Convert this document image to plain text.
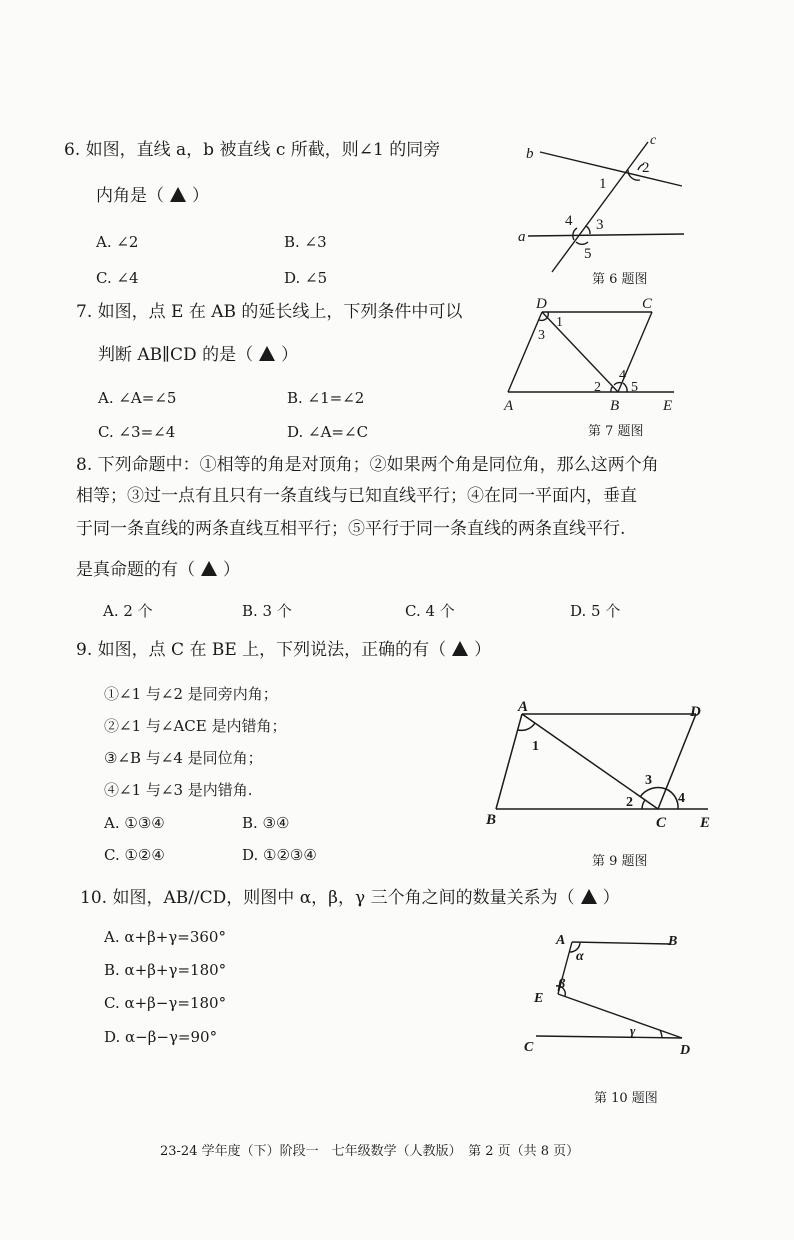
6. 如图，直线 a，b 被直线 c 所截，则∠1 的同旁
内角是（ ）
A. ∠2	B. ∠3
C. ∠4	D. ∠5
b
c
1
2
4 3
a
5
第 6 题图
7. 如图，点 E 在 AB 的延长线上，下列条件中可以
判断 AB∥CD 的是（ ）
A. ∠A=∠5	B. ∠1=∠2
C. ∠3=∠4	D. ∠A=∠C
D	C
1
3
4
2 5
A	B	E
第 7 题图
8. 下列命题中：①相等的角是对顶角；②如果两个角是同位角，那么这两个角
相等；③过一点有且只有一条直线与已知直线平行；④在同一平面内，垂直
于同一条直线的两条直线互相平行；⑤平行于同一条直线的两条直线平行.
是真命题的有（ ）
A. 2 个	B. 3 个	C. 4 个	D. 5 个
9. 如图，点 C 在 BE 上，下列说法，正确的有（ ）
①∠1 与∠2 是同旁内角；
②∠1 与∠ACE 是内错角；
③∠B 与∠4 是同位角；
④∠1 与∠3 是内错角.
A. ①③④	B. ③④
C. ①②④	D. ①②③④
A	D
1
3
2	4
B	C E
第 9 题图
10. 如图，AB//CD，则图中 α，β，γ 三个角之间的数量关系为（ ）
A. α+β+γ=360°
B. α+β+γ=180°
C. α+β−γ=180°
D. α−β−γ=90°
A	B
α
E
β
γ
C	D
第 10 题图
23-24 学年度（下）阶段一　七年级数学（人教版）　第 2 页（共 8 页）
